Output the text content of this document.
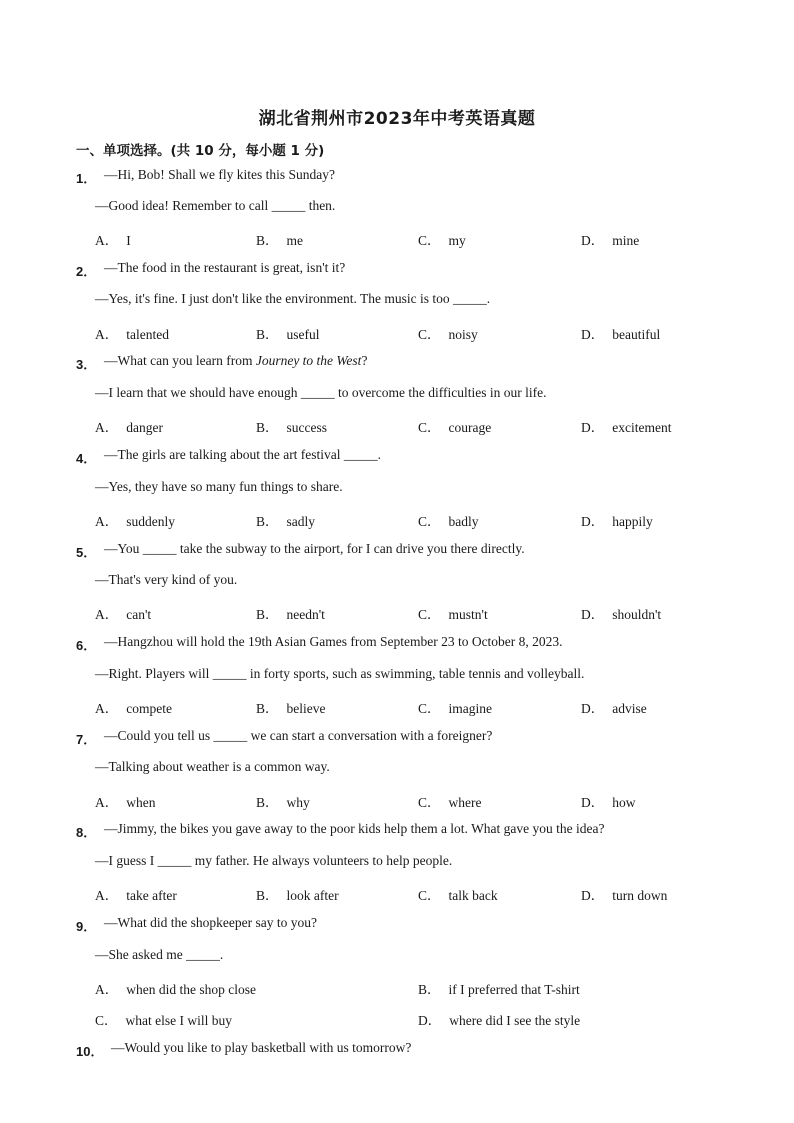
湖北省荆州市2023年中考英语真题
一、单项选择。(共 10 分，每小题 1 分)
1． —Hi, Bob! Shall we fly kites this Sunday?
—Good idea! Remember to call _____ then.
A． I	B． me	C． my	D． mine
2． —The food in the restaurant is great, isn't it?
—Yes, it's fine. I just don't like the environment. The music is too _____.
A． talented	B． useful	C． noisy	D． beautiful
3． —What can you learn from Journey to the West?
—I learn that we should have enough _____ to overcome the difficulties in our life.
A． danger	B． success	C． courage	D． excitement
4． —The girls are talking about the art festival _____.
—Yes, they have so many fun things to share.
A． suddenly	B． sadly	C． badly	D． happily
5． —You _____ take the subway to the airport, for I can drive you there directly.
—That's very kind of you.
A． can't	B． needn't	C． mustn't	D． shouldn't
6． —Hangzhou will hold the 19th Asian Games from September 23 to October 8, 2023.
—Right. Players will _____ in forty sports, such as swimming, table tennis and volleyball.
A． compete	B． believe	C． imagine	D． advise
7． —Could you tell us _____ we can start a conversation with a foreigner?
—Talking about weather is a common way.
A． when	B． why	C． where	D． how
8． —Jimmy, the bikes you gave away to the poor kids help them a lot. What gave you the idea?
—I guess I _____ my father. He always volunteers to help people.
A． take after	B． look after	C． talk back	D． turn down
9． —What did the shopkeeper say to you?
—She asked me _____.
A． when did the shop close	B． if I preferred that T-shirt
C． what else I will buy	D． where did I see the style
10． —Would you like to play basketball with us tomorrow?
